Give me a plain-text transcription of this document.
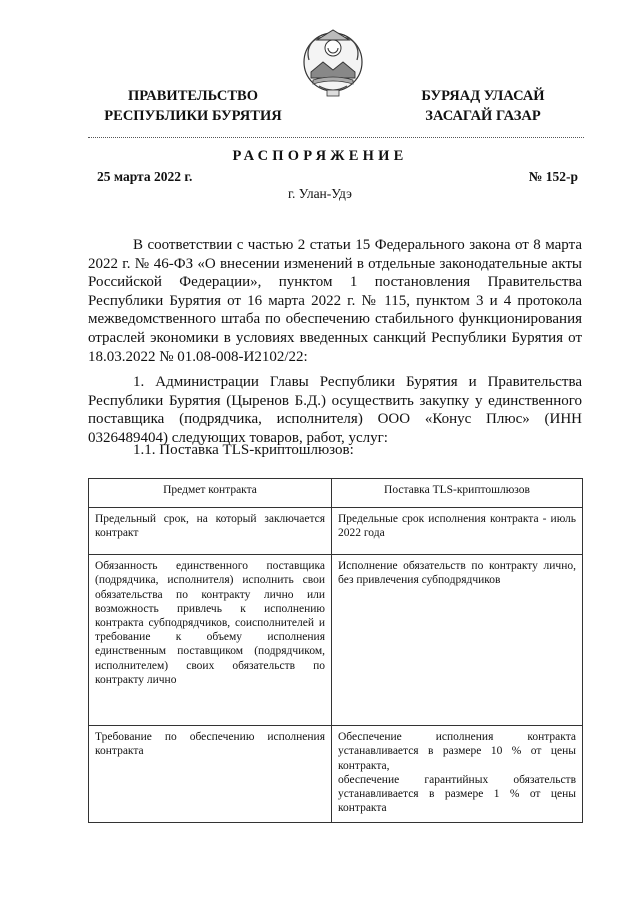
ПРАВИТЕЛЬСТВО
РЕСПУБЛИКИ БУРЯТИЯ
БУРЯАД УЛАСАЙ
ЗАСАГАЙ ГАЗАР
РАСПОРЯЖЕНИЕ
25 марта 2022 г.	№ 152-р
г. Улан-Удэ
В соответствии с частью 2 статьи 15 Федерального закона от 8 марта 2022 г. № 46-ФЗ «О внесении изменений в отдельные законодательные акты Российской Федерации», пунктом 1 постановления Правительства Республики Бурятия от 16 марта 2022 г. № 115, пунктом 3 и 4 протокола межведомственного штаба по обеспечению стабильного функционирования отраслей экономики в условиях введенных санкций Республики Бурятия от 18.03.2022 № 01.08-008-И2102/22:
1. Администрации Главы Республики Бурятия и Правительства Республики Бурятия (Цыренов Б.Д.) осуществить закупку у единственного поставщика (подрядчика, исполнителя) ООО «Конус Плюс» (ИНН 0326489404) следующих товаров, работ, услуг:
1.1. Поставка TLS-криптошлюзов:
Предмет контракта	Поставка TLS-криптошлюзов
Предельный срок, на который заключается контракт	Предельные срок исполнения контракта - июль 2022 года
Обязанность единственного поставщика (подрядчика, исполнителя) исполнить свои обязательства по контракту лично или возможность привлечь к исполнению контракта субподрядчиков, соисполнителей и требование к объему исполнения единственным поставщиком (подрядчиком, исполнителем) своих обязательств по контракту лично	Исполнение обязательств по контракту лично, без привлечения субподрядчиков
Требование по обеспечению исполнения контракта	Обеспечение исполнения контракта устанавливается в размере 10 % от цены контракта,
обеспечение гарантийных обязательств устанавливается в размере 1 % от цены контракта
